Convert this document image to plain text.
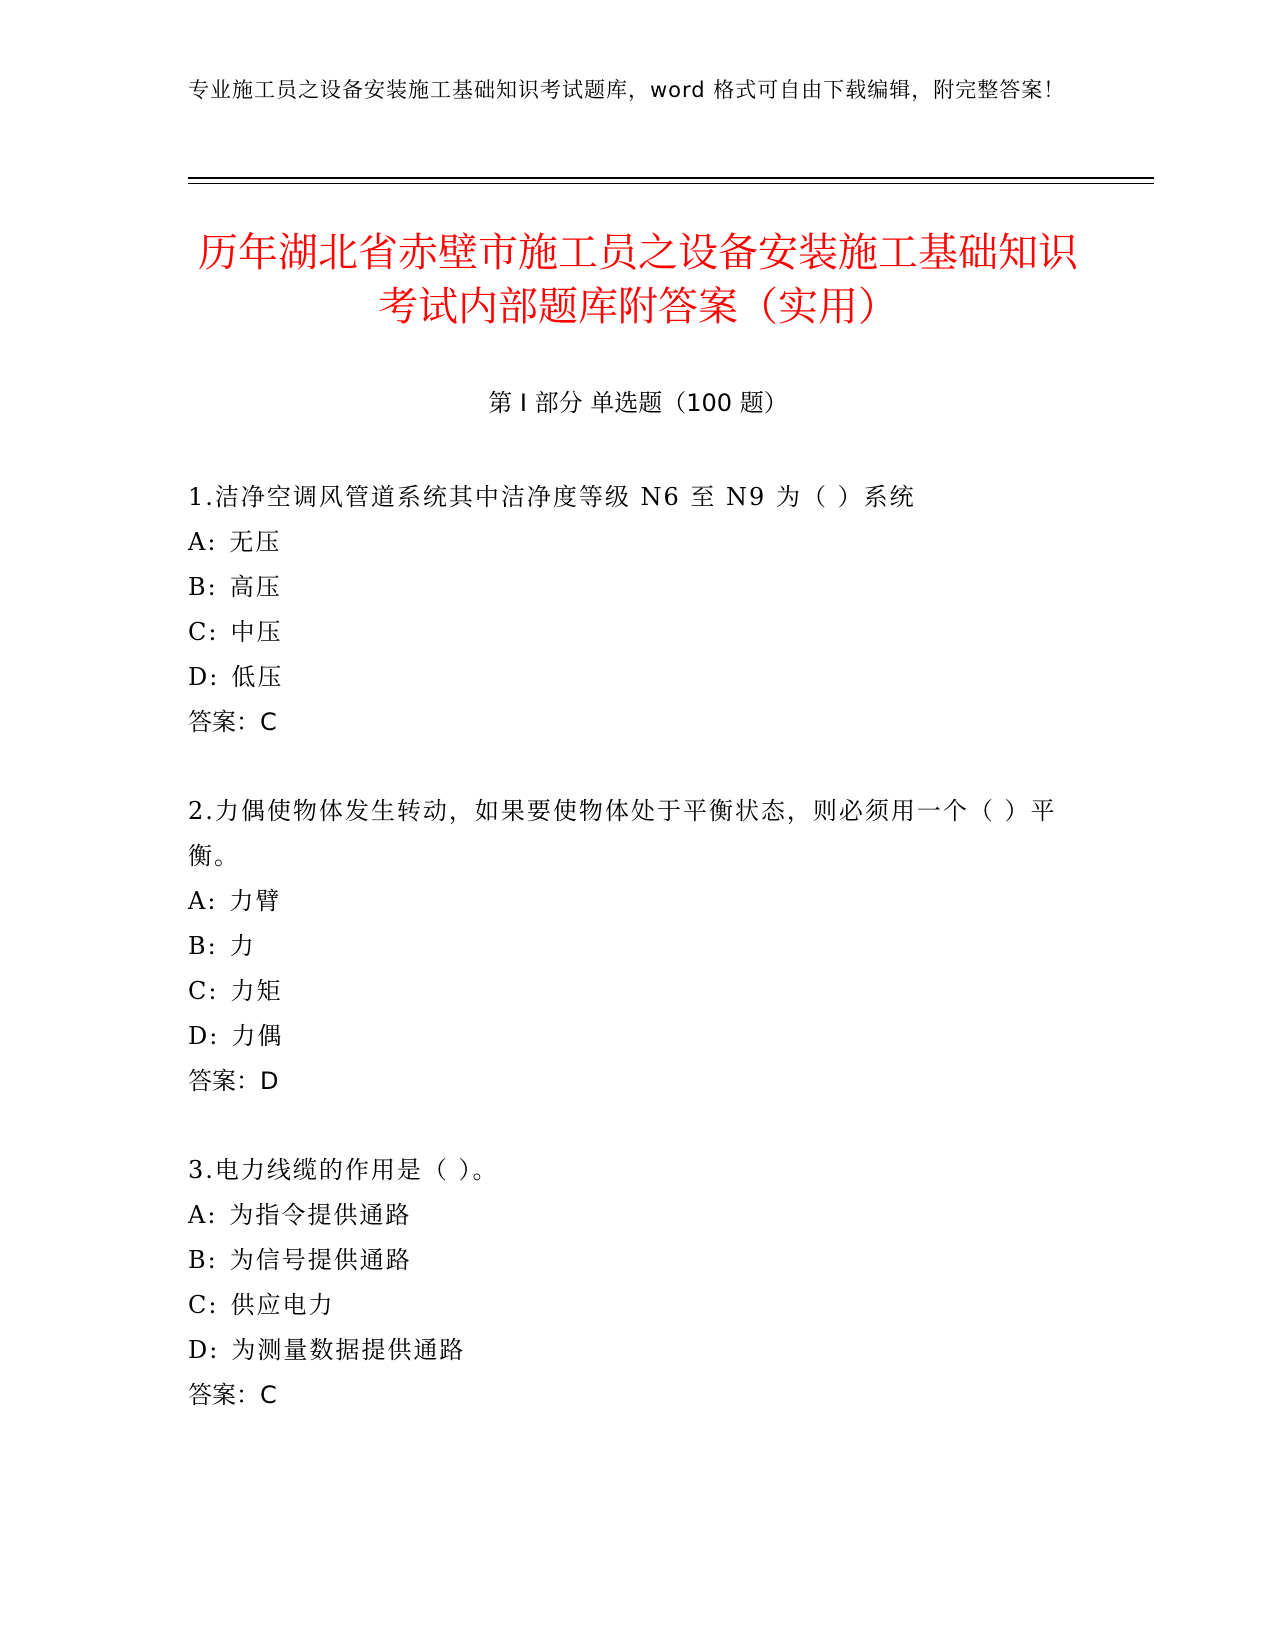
专业施工员之设备安装施工基础知识考试题库，word 格式可自由下载编辑，附完整答案！
历年湖北省赤壁市施工员之设备安装施工基础知识考试内部题库附答案（实用）
第 I 部分 单选题（100 题）

1.洁净空调风管道系统其中洁净度等级 N6 至 N9 为（ ）系统

A: 无压

B: 高压

C: 中压

D: 低压

答案：C

2.力偶使物体发生转动，如果要使物体处于平衡状态，则必须用一个（ ）平衡。

A: 力臂

B: 力

C: 力矩

D: 力偶

答案：D

3.电力线缆的作用是（ ）。

A: 为指令提供通路

B: 为信号提供通路

C: 供应电力

D: 为测量数据提供通路

答案：C
